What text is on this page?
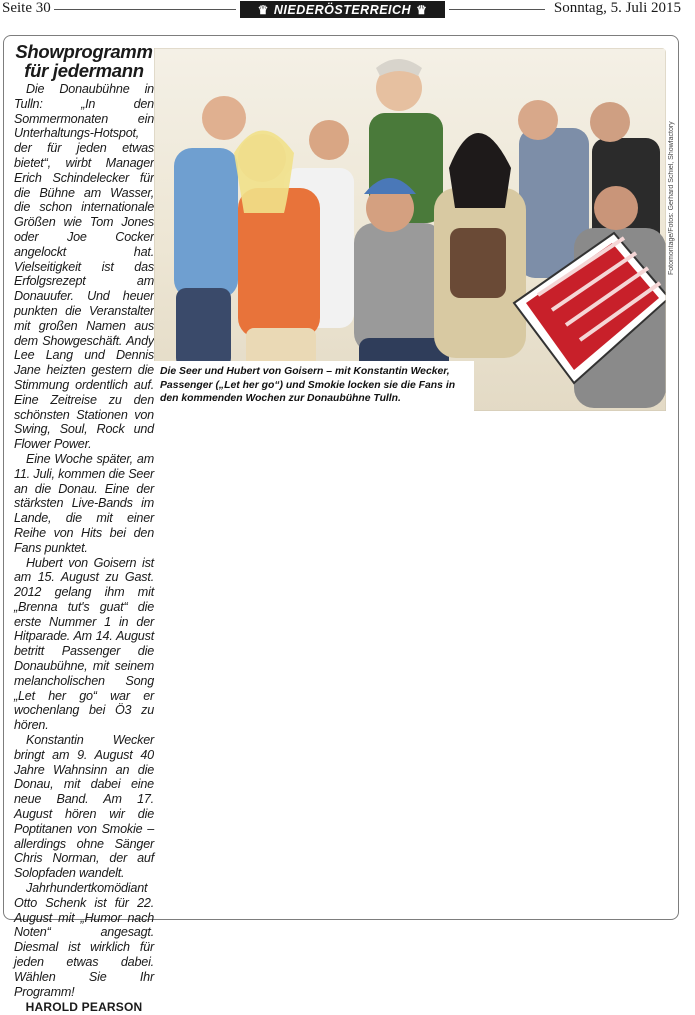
Seite 30	♛ NIEDERÖSTERREICH ♛	Sonntag, 5. Juli 2015
Showprogramm für jedermann

Die Donaubühne in Tulln: „In den Sommermonaten ein Unterhaltungs-Hotspot, der für jeden etwas bietet“, wirbt Manager Erich Schindelecker für die Bühne am Wasser, die schon internationale Größen wie Tom Jones oder Joe Cocker angelockt hat. Vielseitigkeit ist das Erfolgsrezept am Donauufer. Und heuer punkten die Veranstalter mit großen Namen aus dem Showgeschäft. Andy Lee Lang und Dennis Jane heizten gestern die Stimmung ordentlich auf. Eine Zeitreise zu den schönsten Stationen von Swing, Soul, Rock und Flower Power.

Eine Woche später, am 11. Juli, kommen die Seer an die Donau. Eine der stärksten Live-Bands im Lande, die mit einer Reihe von Hits bei den Fans punktet.

Hubert von Goisern ist am 15. August zu Gast. 2012 gelang ihm mit „Brenna tut's guat“ die erste Nummer 1 in der Hitparade. Am 14. August betritt Passenger die Donaubühne, mit seinem melancholischen Song „Let her go“ war er wochenlang bei Ö3 zu hören.

Konstantin Wecker bringt am 9. August 40 Jahre Wahnsinn an die Donau, mit dabei eine neue Band. Am 17. August hören wir die Poptitanen von Smokie – allerdings ohne Sänger Chris Norman, der auf Solopfaden wandelt.

Jahrhundertkomödiant Otto Schenk ist für 22. August mit „Humor nach Noten“ angesagt. Diesmal ist wirklich für jeden etwas dabei. Wählen Sie Ihr Programm!

HAROLD PEARSON
Die Seer und Hubert von Goisern – mit Konstantin Wecker, Passenger („Let her go“) und Smokie locken sie die Fans in den kommenden Wochen zur Donaubühne Tulln.
Fotomontage/Fotos: Gerhard Schiel, Showfactory
